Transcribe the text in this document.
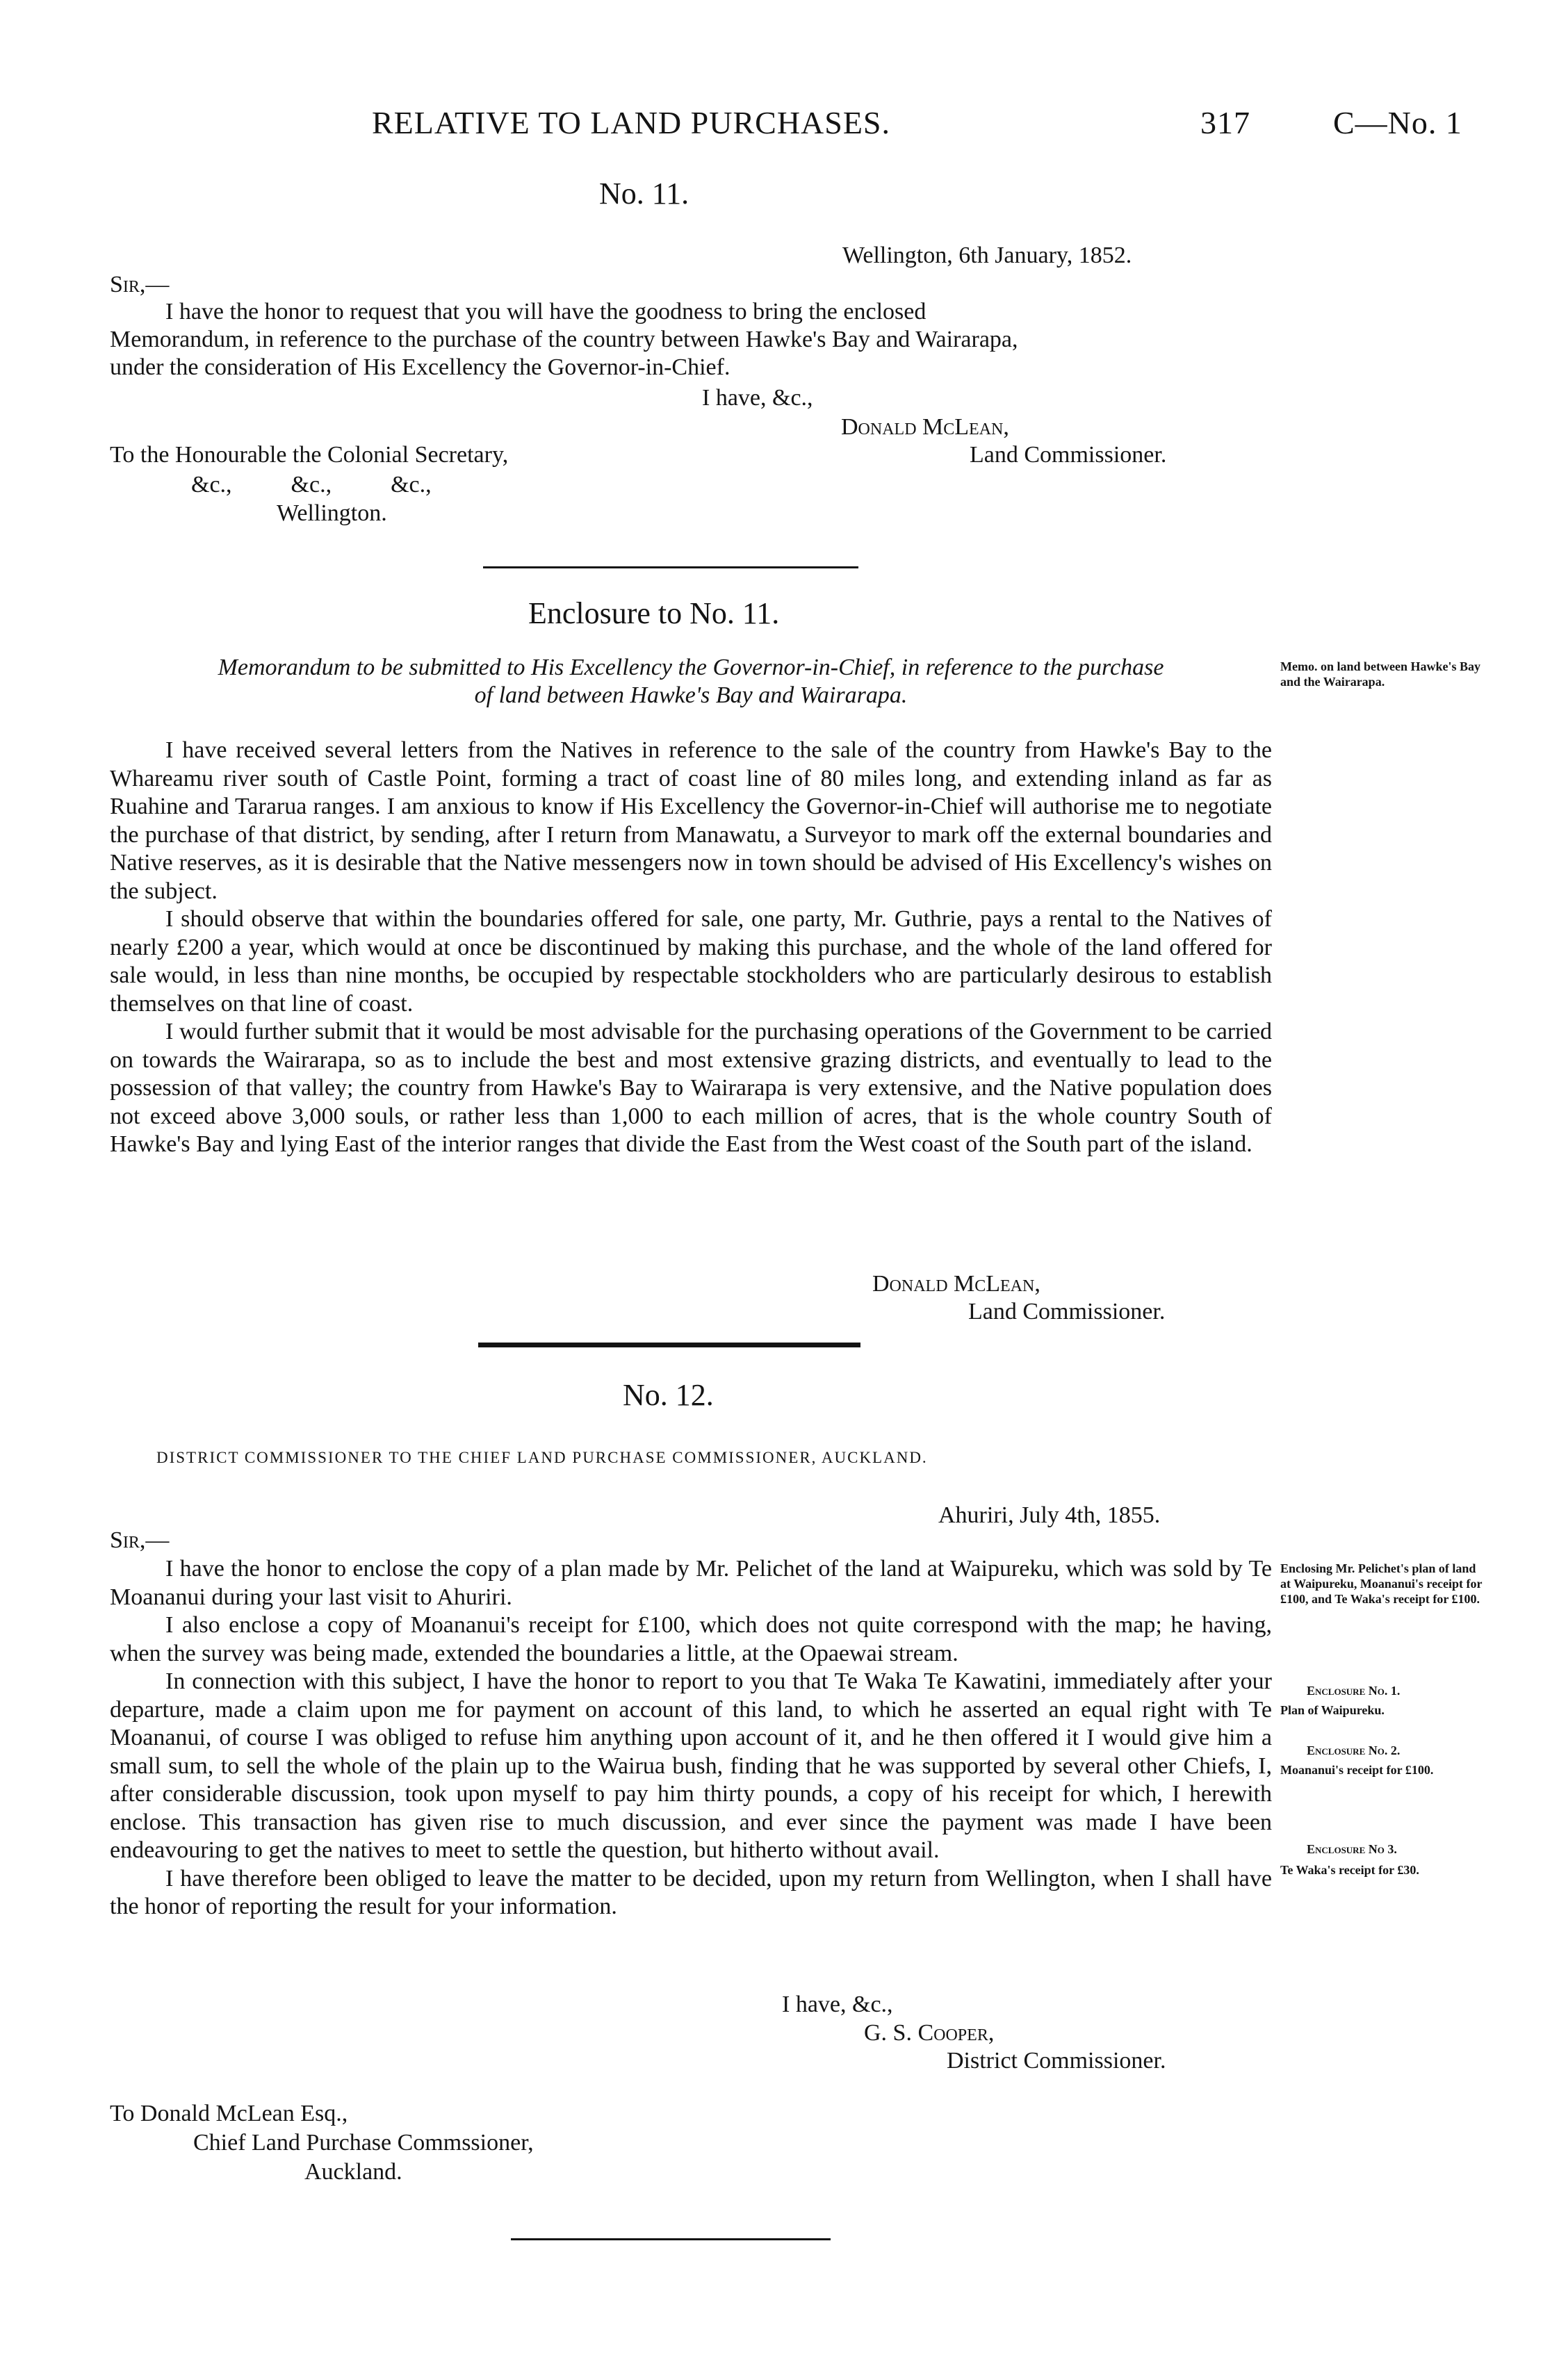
RELATIVE TO LAND PURCHASES.	317	C—No. 1
No. 11.
Wellington, 6th January, 1852.
Sir,—
I have the honor to request that you will have the goodness to bring the enclosed
Memorandum, in reference to the purchase of the country between Hawke's Bay and Wairarapa,
under the consideration of His Excellency the Governor-in-Chief.
I have, &c.,
Donald McLean,
To the Honourable the Colonial Secretary,	Land Commissioner.
&c.,          &c.,          &c.,
Wellington.
Enclosure to No. 11.
Memorandum to be submitted to His Excellency the Governor-in-Chief, in reference to the purchase
of land between Hawke's Bay and Wairarapa.
Memo. on land between Hawke's Bay and the Wairarapa.

I have received several letters from the Natives in reference to the sale of the country from Hawke's Bay to the Whareamu river south of Castle Point, forming a tract of coast line of 80 miles long, and extending inland as far as Ruahine and Tararua ranges. I am anxious to know if His Excellency the Governor-in-Chief will authorise me to negotiate the purchase of that district, by sending, after I return from Manawatu, a Surveyor to mark off the external boundaries and Native reserves, as it is desirable that the Native messengers now in town should be advised of His Excellency's wishes on the subject.

I should observe that within the boundaries offered for sale, one party, Mr. Guthrie, pays a rental to the Natives of nearly £200 a year, which would at once be discontinued by making this purchase, and the whole of the land offered for sale would, in less than nine months, be occupied by respectable stockholders who are particularly desirous to establish themselves on that line of coast.

I would further submit that it would be most advisable for the purchasing operations of the Government to be carried on towards the Wairarapa, so as to include the best and most extensive grazing districts, and eventually to lead to the possession of that valley; the country from Hawke's Bay to Wairarapa is very extensive, and the Native population does not exceed above 3,000 souls, or rather less than 1,000 to each million of acres, that is the whole country South of Hawke's Bay and lying East of the interior ranges that divide the East from the West coast of the South part of the island.

Donald McLean,
Land Commissioner.
No. 12.
DISTRICT COMMISSIONER TO THE CHIEF LAND PURCHASE COMMISSIONER, AUCKLAND.
Ahuriri, July 4th, 1855.
Sir,—

I have the honor to enclose the copy of a plan made by Mr. Pelichet of the land at Waipureku, which was sold by Te Moananui during your last visit to Ahuriri.

I also enclose a copy of Moananui's receipt for £100, which does not quite correspond with the map; he having, when the survey was being made, extended the boundaries a little, at the Opaewai stream.

In connection with this subject, I have the honor to report to you that Te Waka Te Kawatini, immediately after your departure, made a claim upon me for payment on account of this land, to which he asserted an equal right with Te Moananui, of course I was obliged to refuse him anything upon account of it, and he then offered it I would give him a small sum, to sell the whole of the plain up to the Wairua bush, finding that he was supported by several other Chiefs, I, after considerable discussion, took upon myself to pay him thirty pounds, a copy of his receipt for which, I herewith enclose. This transaction has given rise to much discussion, and ever since the payment was made I have been endeavouring to get the natives to meet to settle the question, but hitherto without avail.

I have therefore been obliged to leave the matter to be decided, upon my return from Wellington, when I shall have the honor of reporting the result for your information.

Enclosing Mr. Pelichet's plan of land at Waipureku, Moananui's receipt for £100, and Te Waka's receipt for £100.
Enclosure No. 1.
Plan of Waipureku.
Enclosure No. 2.
Moananui's receipt for £100.
Enclosure No 3.
Te Waka's receipt for £30.
I have, &c.,
G. S. Cooper,
District Commissioner.
To Donald McLean Esq.,
Chief Land Purchase Commssioner,
Auckland.
